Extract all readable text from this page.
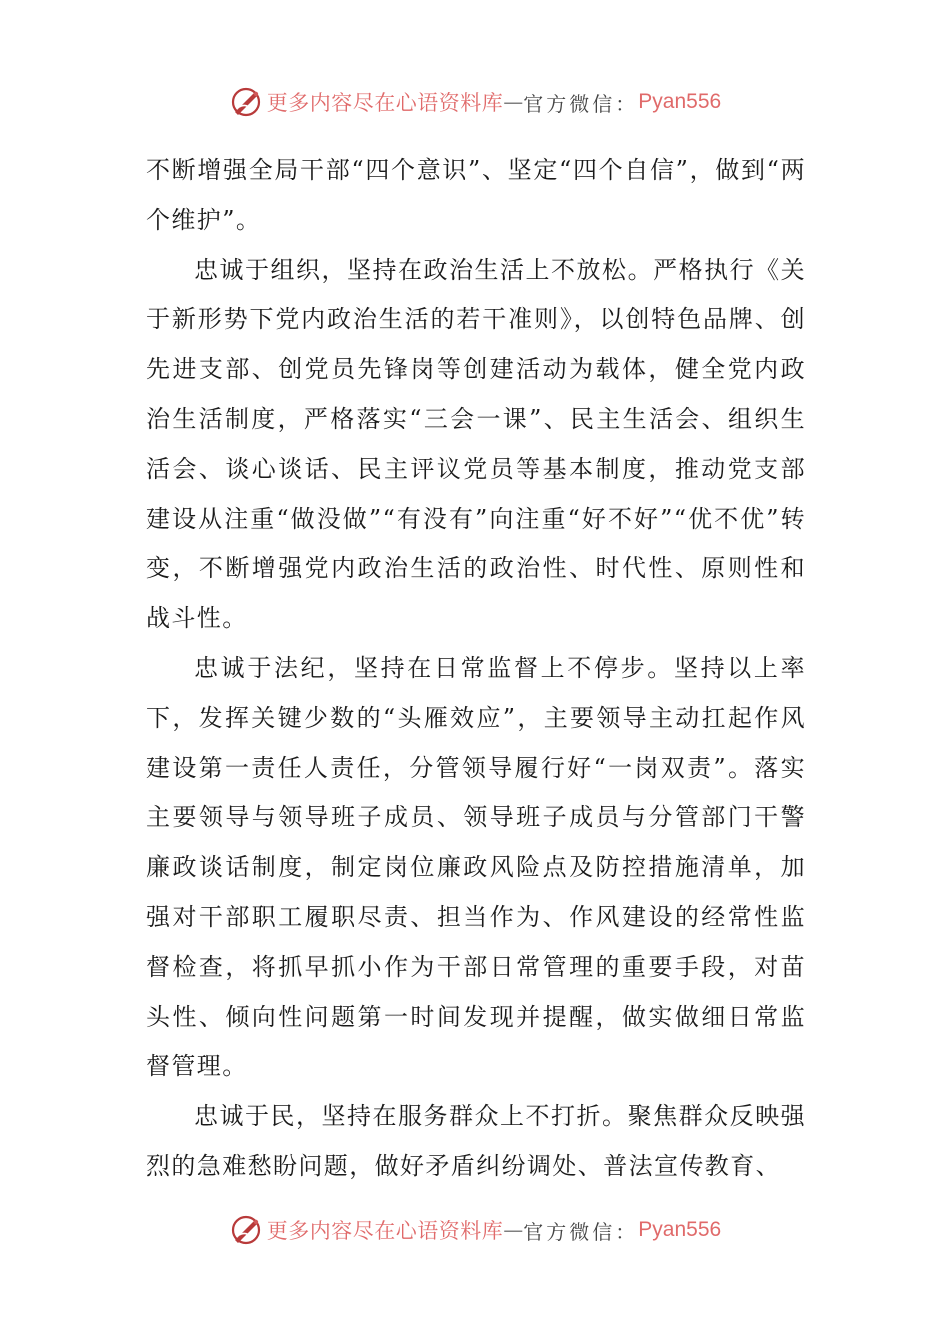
更多内容尽在心语资料库 — 官方微信： Pyan556

不断增强全局干部“四个意识”、坚定“四个自信”，做到“两个维护”。

忠诚于组织，坚持在政治生活上不放松。严格执行《关于新形势下党内政治生活的若干准则》，以创特色品牌、创先进支部、创党员先锋岗等创建活动为载体，健全党内政治生活制度，严格落实“三会一课”、民主生活会、组织生活会、谈心谈话、民主评议党员等基本制度，推动党支部建设从注重“做没做”“有没有”向注重“好不好”“优不优”转变，不断增强党内政治生活的政治性、时代性、原则性和战斗性。

忠诚于法纪，坚持在日常监督上不停步。坚持以上率下，发挥关键少数的“头雁效应”，主要领导主动扛起作风建设第一责任人责任，分管领导履行好“一岗双责”。落实主要领导与领导班子成员、领导班子成员与分管部门干警廉政谈话制度，制定岗位廉政风险点及防控措施清单，加强对干部职工履职尽责、担当作为、作风建设的经常性监督检查，将抓早抓小作为干部日常管理的重要手段，对苗头性、倾向性问题第一时间发现并提醒，做实做细日常监督管理。

忠诚于民，坚持在服务群众上不打折。聚焦群众反映强烈的急难愁盼问题，做好矛盾纠纷调处、普法宣传教育、

更多内容尽在心语资料库 — 官方微信： Pyan556
